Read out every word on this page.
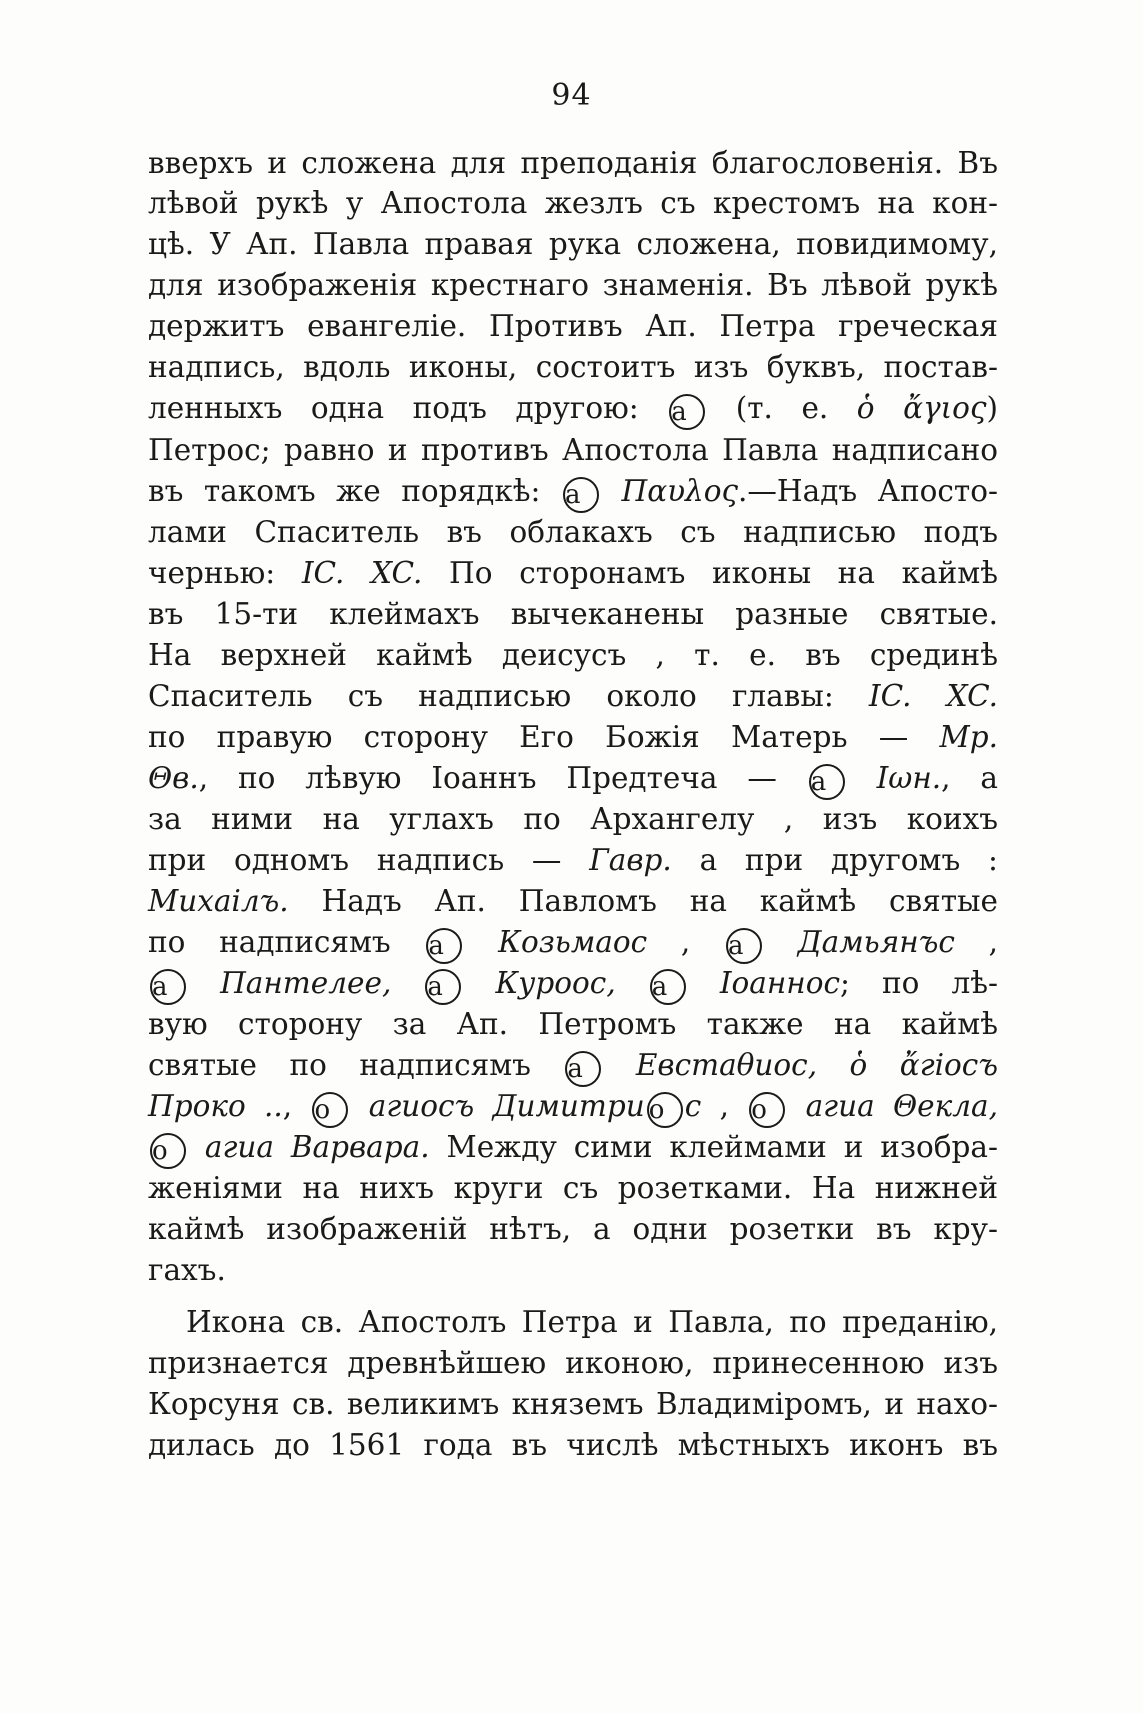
94
вверхъ и сложена для преподанія благословенія. Въ
лѣвой рукѣ у Апостола жезлъ съ крестомъ на кон-
цѣ. У Ап. Павла правая рука сложена, повидимому,
для изображенія крестнаго знаменія. Въ лѣвой рукѣ
держитъ евангеліе. Противъ Ап. Петра греческая
надпись, вдоль иконы, состоитъ изъ буквъ, постав-
ленныхъ одна подъ другою: а (т. е. ὁ ἄγιος)
Петрос; равно и противъ Апостола Павла надписано
въ такомъ же порядкѣ: а Παυλος.—Надъ Апосто-
лами Спаситель въ облакахъ съ надписью подъ
чернью: IC. XC. По сторонамъ иконы на каймѣ
въ 15-ти клеймахъ вычеканены разные святые.
На верхней каймѣ деисусъ , т. е. въ срединѣ
Спаситель съ надписью около главы: IC. XC.
по правую сторону Его Божія Матерь — Мр.
Θв., по лѣвую Іоаннъ Предтеча — а Іωн., а
за ними на углахъ по Архангелу , изъ коихъ
при одномъ надпись — Гавр. а при другомъ :
Михаілъ. Надъ Ап. Павломъ на каймѣ святые
по надписямъ а Козьмаос , а Дамьянъс ,
а Пантелее, а Куроос, а Іоаннос; по лѣ-
вую сторону за Ап. Петромъ также на каймѣ
святые по надписямъ а Евстаθиос, ὁ ἄгіосъ
Проко .., о агиосъ Димитри о с , о агиа Θекла,
о агиа Варвара. Между сими клеймами и изобра-
женіями на нихъ круги съ розетками. На нижней
каймѣ изображеній нѣтъ, а одни розетки въ кру-
гахъ.
Икона св. Апостолъ Петра и Павла, по преданію,
признается древнѣйшею иконою, принесенною изъ
Корсуня св. великимъ княземъ Владиміромъ, и нахо-
дилась до 1561 года въ числѣ мѣстныхъ иконъ въ
